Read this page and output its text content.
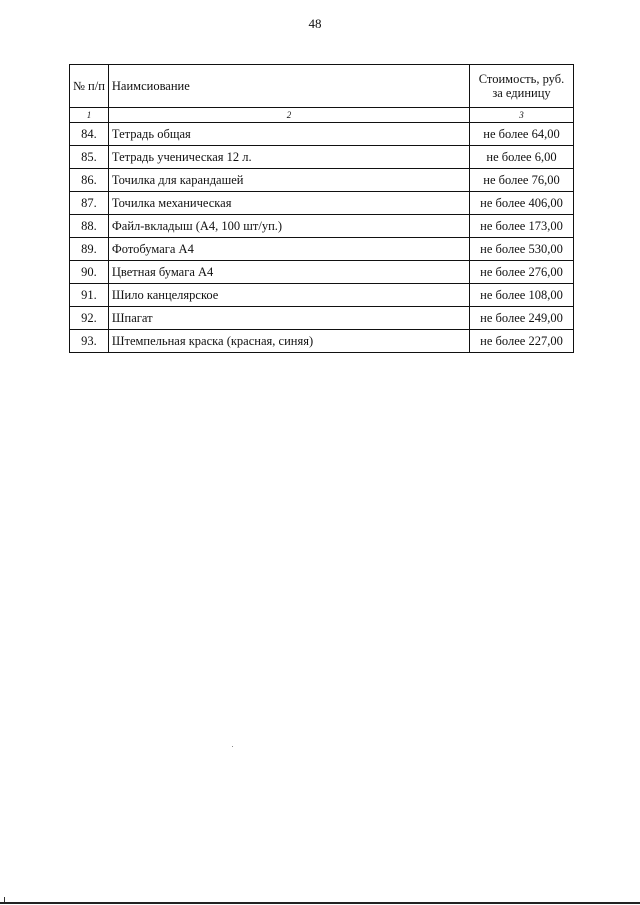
48
№ п/п	Наимсиование	Стоимость, руб.
за единицу
1	2	3
84.	Тетрадь общая	не более 64,00
85.	Тетрадь ученическая 12 л.	не более 6,00
86.	Точилка для карандашей	не более 76,00
87.	Точилка механическая	не более 406,00
88.	Файл-вкладыш (А4, 100 шт/уп.)	не более 173,00
89.	Фотобумага А4	не более 530,00
90.	Цветная бумага А4	не более 276,00
91.	Шило канцелярское	не более 108,00
92.	Шпагат	не более 249,00
93.	Штемпельная краска (красная, синяя)	не более 227,00
